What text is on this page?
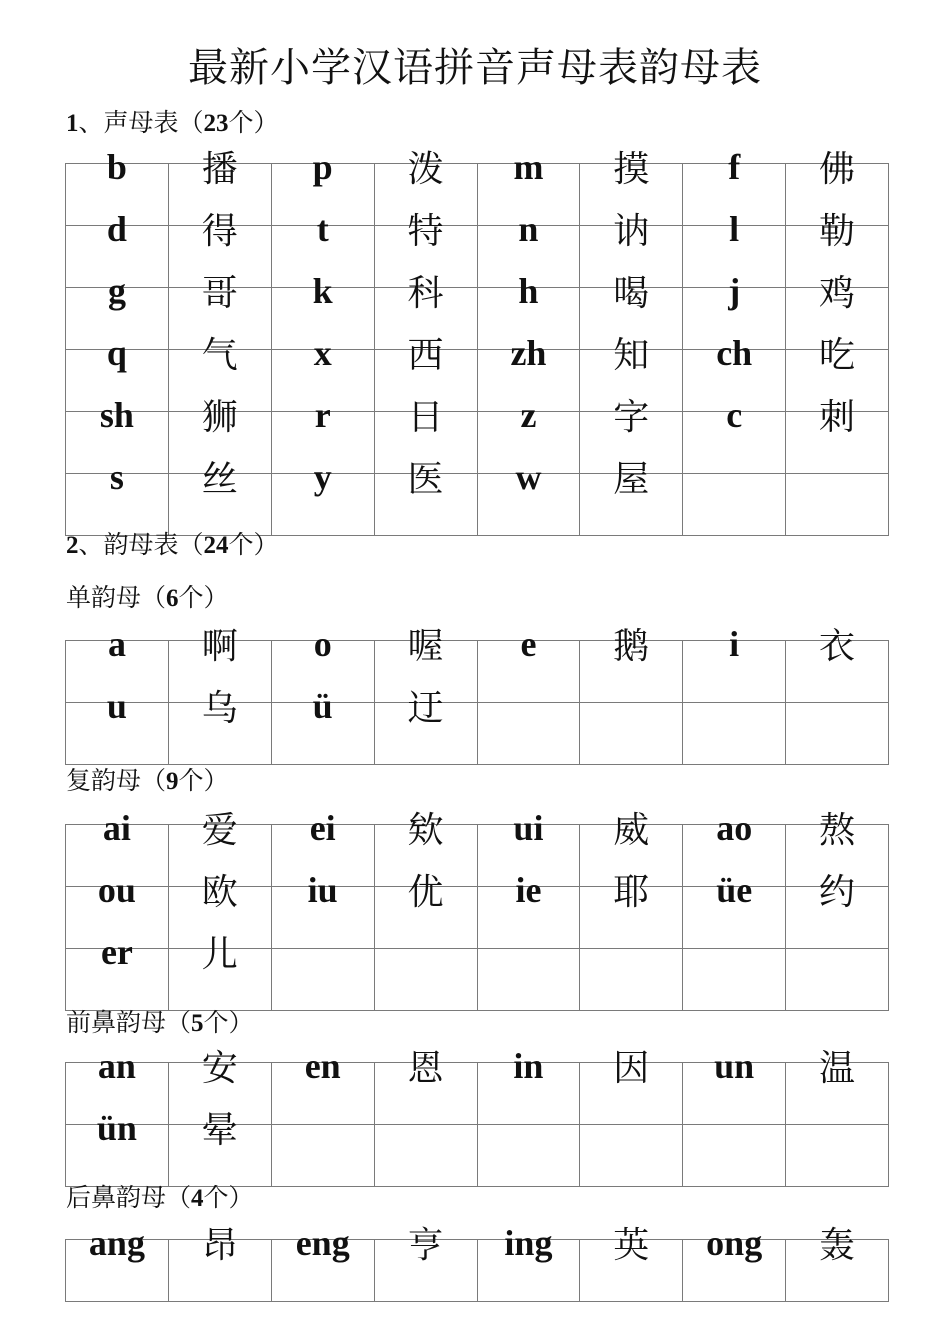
最新小学汉语拼音声母表韵母表
1、声母表（23个）
b	播	p	泼	m	摸	f	佛
d	得	t	特	n	讷	l	勒
g	哥	k	科	h	喝	j	鸡
q	气	x	西	zh	知	ch	吃
sh	狮	r	日	z	字	c	刺
s	丝	y	医	w	屋		
2、韵母表（24个）
单韵母（6个）
a	啊	o	喔	e	鹅	i	衣
u	乌	ü	迂				
复韵母（9个）
ai	爱	ei	欸	ui	威	ao	熬
ou	欧	iu	优	ie	耶	üe	约
er	儿						
前鼻韵母（5个）
an	安	en	恩	in	因	un	温
ün	晕						
后鼻韵母（4个）
ang	昂	eng	亨	ing	英	ong	轰
